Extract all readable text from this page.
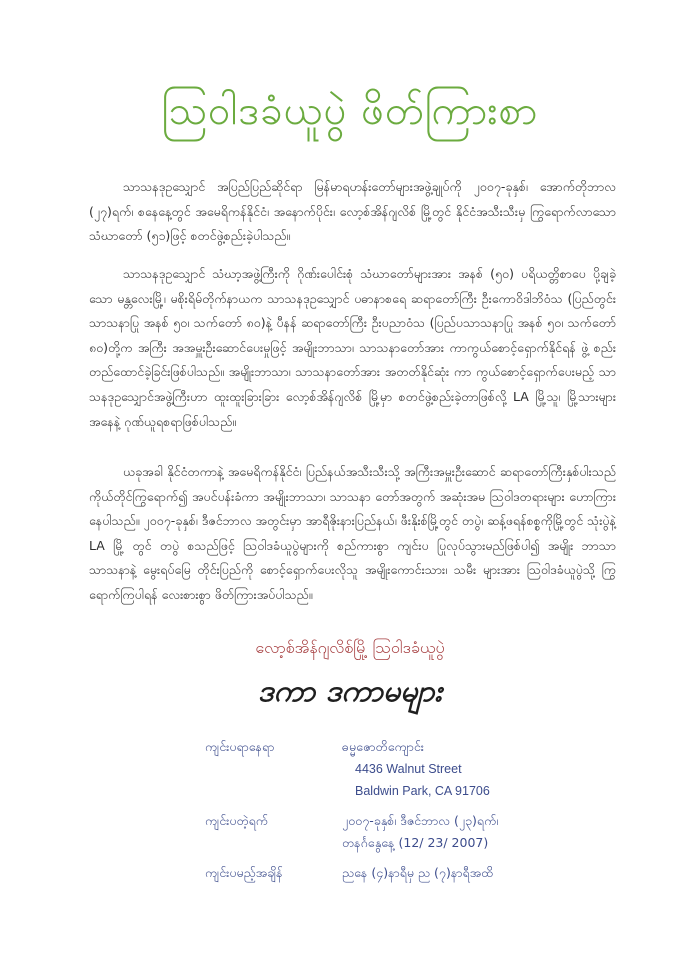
ဩဝါဒခံယူပွဲ ဖိတ်ကြားစာ
သာသနဒုဥသျှောင် အပြည်ပြည်ဆိုင်ရာ မြန်မာရဟန်းတော်များအဖွဲ့ချုပ်ကို ၂၀၀၇-ခုနှစ်၊ အောက်တိုဘာလ (၂၇)ရက်၊ စနေနေ့တွင် အမေရိကန်နိုင်ငံ၊ အနောက်ပိုင်း၊ လော့စ်အိန်ဂျလိစ် မြို့တွင် နိုင်ငံအသီးသီးမှ ကြွရောက်လာသော သံဃာတော် (၅၁)ဖြင့် စတင်ဖွဲ့စည်းခဲ့ပါသည်။
သာသနဒုဥသျှောင် သံဃာ့အဖွဲ့ကြီးကို ဂိုဏ်းပေါင်းစုံ သံဃာတော်များအား အနစ် (၅၀) ပရိယတ္တိစာပေ ပို့ချခဲ့သော မန္တလေးမြို့၊ မစိုးရိမ်တိုက်နာယက သာသနဒုဥသျှောင် ပဓာနာစရေ ဆရာတော်ကြီး ဦးကောဝိဒါဘိဝံသ (ပြည်တွင်းသာသနာပြု အနစ် ၅၀၊ သက်တော် ၈၀)နဲ့ ပီနန် ဆရာတော်ကြီး ဦးပညာဝံသ (ပြည်ပသာသနာပြု အနစ် ၅၀၊ သက်တော် ၈၀)တို့က အကြီး အအမှူးဦးဆောင်ပေးမှုဖြင့် အမျိုးဘာသာ၊ သာသနာတော်အား ကာကွယ်စောင့်ရှောက်နိုင်ရန် ဖွဲ့ စည်း တည်ထောင်ခဲ့ခြင်းဖြစ်ပါသည်။ အမျိုးဘာသာ၊ သာသနာတော်အား အတတ်နိုင်ဆုံး ကာ ကွယ်စောင့်ရှောက်ပေးမည့် သာသနဒုဥသျှောင်အဖွဲ့ကြီးဟာ ထူးထူးခြားခြား လော့စ်အိန်ဂျလိစ် မြို့မှာ စတင်ဖွဲ့စည်းခဲ့တာဖြစ်လို့ LA မြို့သူ၊ မြို့သားများအနေနဲ့ ဂုဏ်ယူရစရာဖြစ်ပါသည်။
ယခုအခါ နိုင်ငံတကာနဲ့ အမေရိကန်နိုင်ငံ၊ ပြည်နယ်အသီးသီးသို့ အကြီးအမှူးဦးဆောင် ဆရာတော်ကြီးနှစ်ပါးသည် ကိုယ်တိုင်ကြွရောက်၍ အပင်ပန်းခံကာ အမျိုးဘာသာ၊ သာသနာ တော်အတွက် အဆုံးအမ ဩဝါဒတရားများ ဟောကြားနေပါသည်။ ၂၀၀၇-ခုနှစ်၊ ဒီဇင်ဘာလ အတွင်းမှာ အာရီဇိုးနားပြည်နယ်၊ ဖီးနိုးစ်မြို့တွင် တပွဲ၊ ဆန့်ဖရန်စစ္စကိုမြို့တွင် သုံးပွဲနဲ့ LA မြို့ တွင် တပွဲ စသည်ဖြင့် ဩဝါဒခံယူပွဲများကို စည်ကားစွာ ကျင်းပ ပြုလုပ်သွားမည်ဖြစ်ပါ၍ အမျိုး ဘာသာ သာသနာနဲ့ မွေးရပ်မြေ တိုင်းပြည်ကို စောင့်ရှောက်ပေးလိုသူ အမျိုးကောင်းသား၊ သမီး များအား ဩဝါဒခံယူပွဲသို့ ကြွရောက်ကြပါရန် လေးစားစွာ ဖိတ်ကြားအပ်ပါသည်။
လော့စ်အိန်ဂျလိစ်မြို့ ဩဝါဒခံယူပွဲ
ဒကာ ဒကာမများ
ကျင်းပရာနေရာ	ဓမ္မဇောတိကျောင်း
4436 Walnut Street
Baldwin Park, CA 91706
ကျင်းပတဲ့ရက်	၂၀၀၇-ခုနှစ်၊ ဒီဇင်ဘာလ (၂၃)ရက်၊
တနင်္ဂနွေနေ့ (12/ 23/ 2007)
ကျင်းပမည့်အချိန်	ညနေ (၄)နာရီမှ ည (၇)နာရီအထိ
